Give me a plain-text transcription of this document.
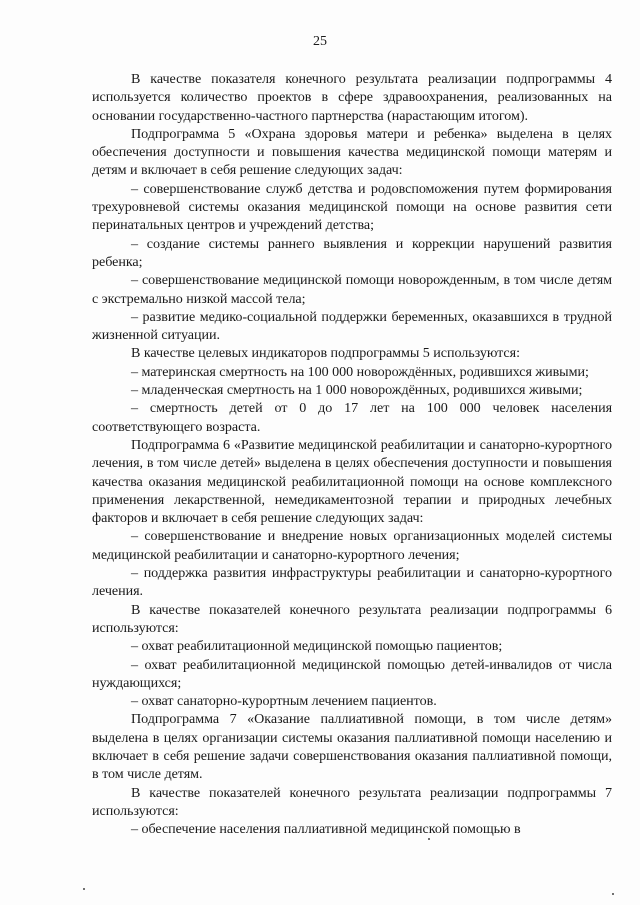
25

В качестве показателя конечного результата реализации подпрограммы 4 используется количество проектов в сфере здравоохранения, реализованных на основании государственно-частного партнерства (нарастающим итогом).

Подпрограмма 5 «Охрана здоровья матери и ребенка» выделена в целях обеспечения доступности и повышения качества медицинской помощи матерям и детям и включает в себя решение следующих задач:

– совершенствование служб детства и родовспоможения путем формирования трехуровневой системы оказания медицинской помощи на основе развития сети перинатальных центров и учреждений детства;

– создание системы раннего выявления и коррекции нарушений развития ребенка;

– совершенствование медицинской помощи новорожденным, в том числе детям с экстремально низкой массой тела;

– развитие медико-социальной поддержки беременных, оказавшихся в трудной жизненной ситуации.

В качестве целевых индикаторов подпрограммы 5 используются:

– материнская смертность на 100 000 новорождённых, родившихся живыми;

– младенческая смертность на 1 000 новорождённых, родившихся живыми;

– смертность детей от 0 до 17 лет на 100 000 человек населения соответствующего возраста.

Подпрограмма 6 «Развитие медицинской реабилитации и санаторно-курортного лечения, в том числе детей» выделена в целях обеспечения доступности и повышения качества оказания медицинской реабилитационной помощи на основе комплексного применения лекарственной, немедикаментозной терапии и природных лечебных факторов и включает в себя решение следующих задач:

– совершенствование и внедрение новых организационных моделей системы медицинской реабилитации и санаторно-курортного лечения;

– поддержка развития инфраструктуры реабилитации и санаторно-курортного лечения.

В качестве показателей конечного результата реализации подпрограммы 6 используются:

– охват реабилитационной медицинской помощью пациентов;

– охват реабилитационной медицинской помощью детей-инвалидов от числа нуждающихся;

– охват санаторно-курортным лечением пациентов.

Подпрограмма 7 «Оказание паллиативной помощи, в том числе детям» выделена в целях организации системы оказания паллиативной помощи населению и включает в себя решение задачи совершенствования оказания паллиативной помощи, в том числе детям.

В качестве показателей конечного результата реализации подпрограммы 7 используются:

– обеспечение населения паллиативной медицинской помощью в
